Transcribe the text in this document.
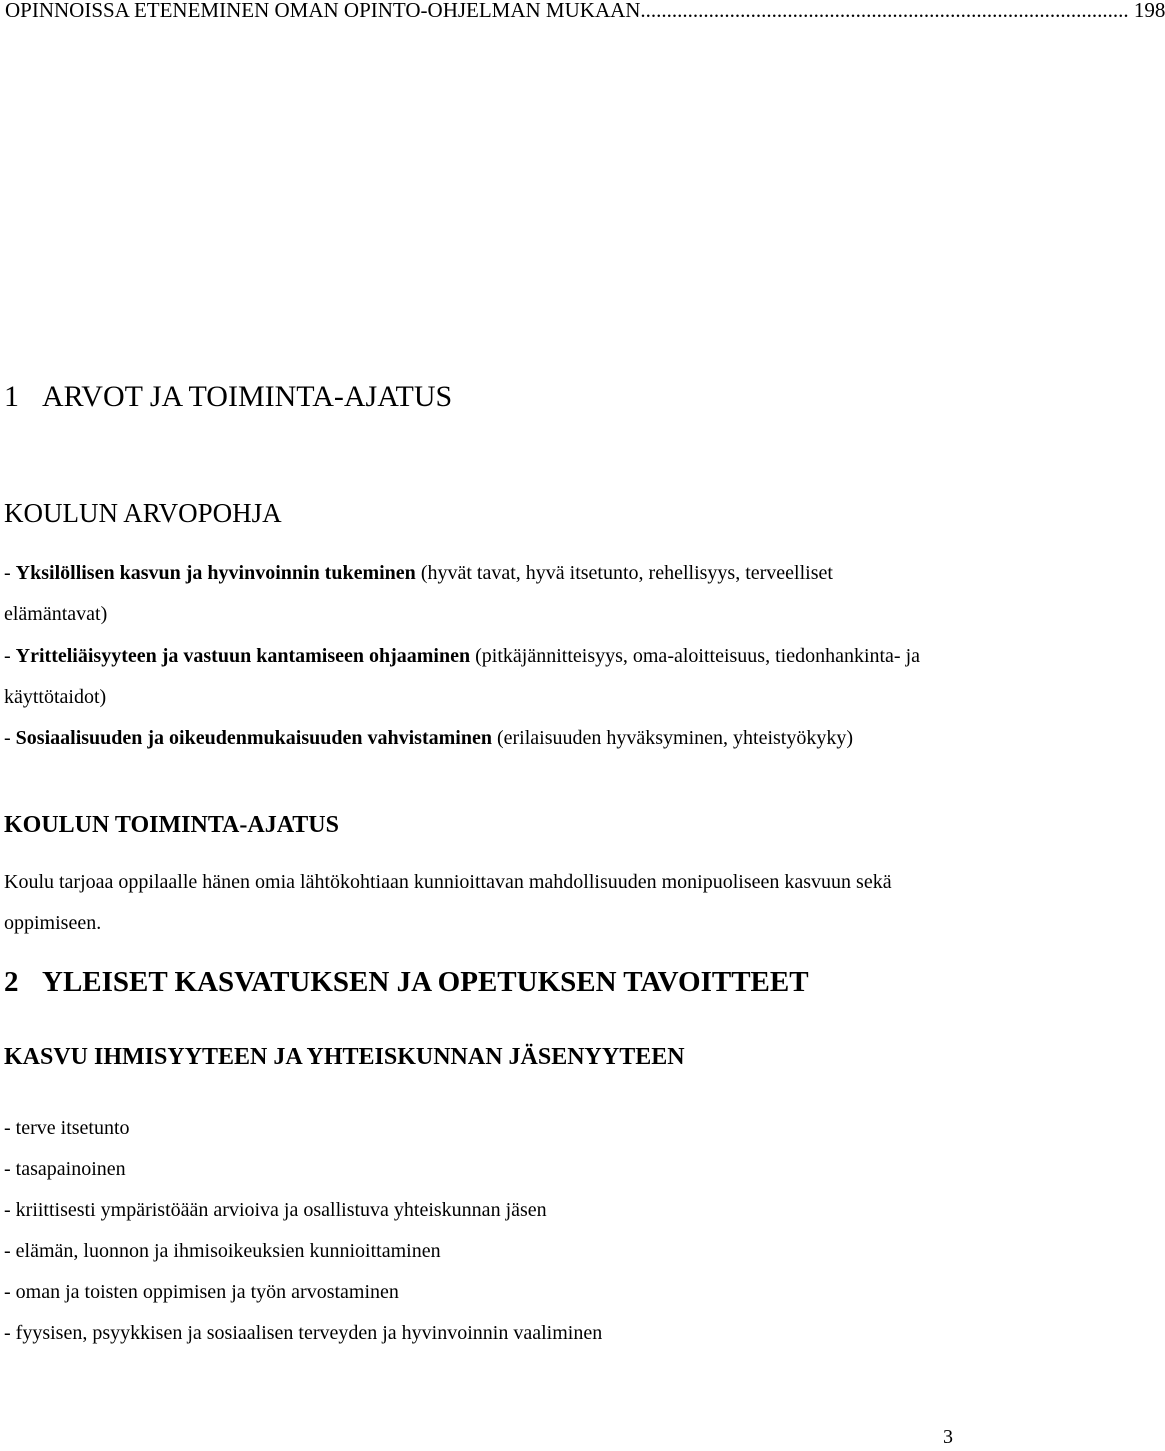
OPINNOISSA ETENEMINEN OMAN OPINTO-OHJELMAN MUKAAN............................................................................................. 198
1 ARVOT JA TOIMINTA-AJATUS
KOULUN ARVOPOHJA

- Yksilöllisen kasvun ja hyvinvoinnin tukeminen (hyvät tavat, hyvä itsetunto, rehellisyys, terveelliset elämäntavat)

- Yritteliäisyyteen ja vastuun kantamiseen ohjaaminen (pitkäjännitteisyys, oma-aloitteisuus, tiedonhankinta- ja käyttötaidot)

- Sosiaalisuuden ja oikeudenmukaisuuden vahvistaminen (erilaisuuden hyväksyminen, yhteistyökyky)

KOULUN TOIMINTA-AJATUS

Koulu tarjoaa oppilaalle hänen omia lähtökohtiaan kunnioittavan mahdollisuuden monipuoliseen kasvuun sekä oppimiseen.

2 YLEISET KASVATUKSEN JA OPETUKSEN TAVOITTEET
KASVU IHMISYYTEEN JA YHTEISKUNNAN JÄSENYYTEEN

- terve itsetunto

- tasapainoinen

- kriittisesti ympäristöään arvioiva ja osallistuva yhteiskunnan jäsen

- elämän, luonnon ja ihmisoikeuksien kunnioittaminen

- oman ja toisten oppimisen ja työn arvostaminen

- fyysisen, psyykkisen ja sosiaalisen terveyden ja hyvinvoinnin vaaliminen

3
